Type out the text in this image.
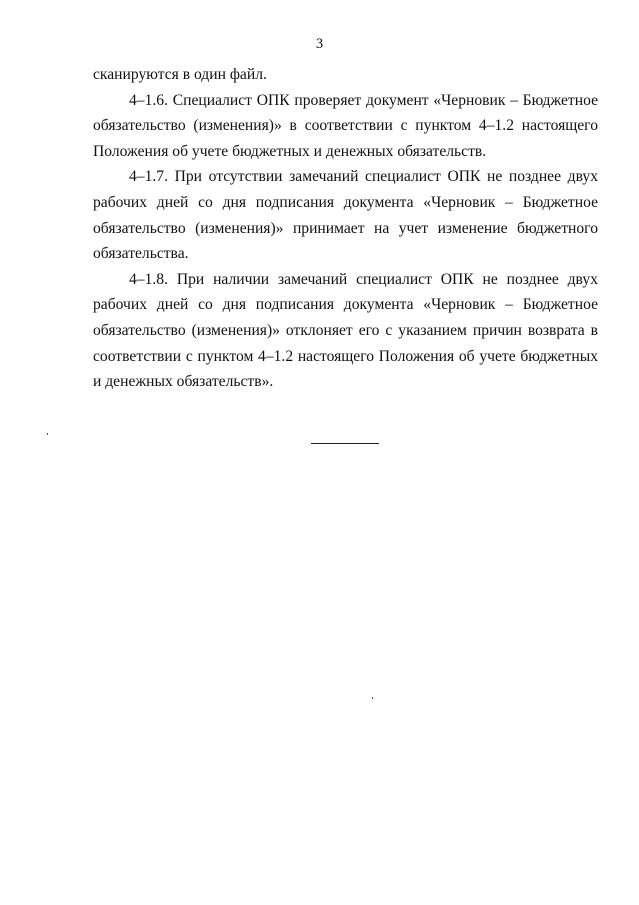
3

сканируются в один файл.

4–1.6. Специалист ОПК проверяет документ «Черновик – Бюджетное обязательство (изменения)» в соответствии с пунктом 4–1.2 настоящего Положения об учете бюджетных и денежных обязательств.

4–1.7. При отсутствии замечаний специалист ОПК не позднее двух рабочих дней со дня подписания документа «Черновик – Бюджетное обязательство (изменения)» принимает на учет изменение бюджетного обязательства.

4–1.8. При наличии замечаний специалист ОПК не позднее двух рабочих дней со дня подписания документа «Черновик – Бюджетное обязательство (изменения)» отклоняет его с указанием причин возврата в соответствии с пунктом 4–1.2 настоящего Положения об учете бюджетных и денежных обязательств».
